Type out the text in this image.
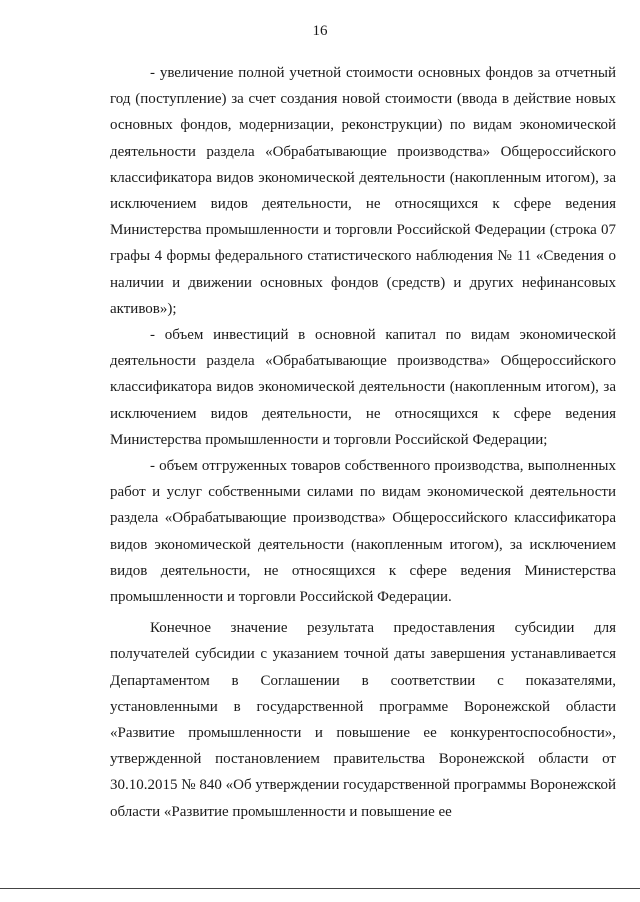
16

- увеличение полной учетной стоимости основных фондов за отчетный год (поступление) за счет создания новой стоимости (ввода в действие новых основных фондов, модернизации, реконструкции) по видам экономической деятельности раздела «Обрабатывающие производства» Общероссийского классификатора видов экономической деятельности (накопленным итогом), за исключением видов деятельности, не относящихся к сфере ведения Министерства промышленности и торговли Российской Федерации (строка 07 графы 4 формы федерального статистического наблюдения № 11 «Сведения о наличии и движении основных фондов (средств) и других нефинансовых активов»);

- объем инвестиций в основной капитал по видам экономической деятельности раздела «Обрабатывающие производства» Общероссийского классификатора видов экономической деятельности (накопленным итогом), за исключением видов деятельности, не относящихся к сфере ведения Министерства промышленности и торговли Российской Федерации;

- объем отгруженных товаров собственного производства, выполненных работ и услуг собственными силами по видам экономической деятельности раздела «Обрабатывающие производства» Общероссийского классификатора видов экономической деятельности (накопленным итогом), за исключением видов деятельности, не относящихся к сфере ведения Министерства промышленности и торговли Российской Федерации.

Конечное значение результата предоставления субсидии для получателей субсидии с указанием точной даты завершения устанавливается Департаментом в Соглашении в соответствии с показателями, установленными в государственной программе Воронежской области «Развитие промышленности и повышение ее конкурентоспособности», утвержденной постановлением правительства Воронежской области от 30.10.2015 № 840 «Об утверждении государственной программы Воронежской области «Развитие промышленности и повышение ее
